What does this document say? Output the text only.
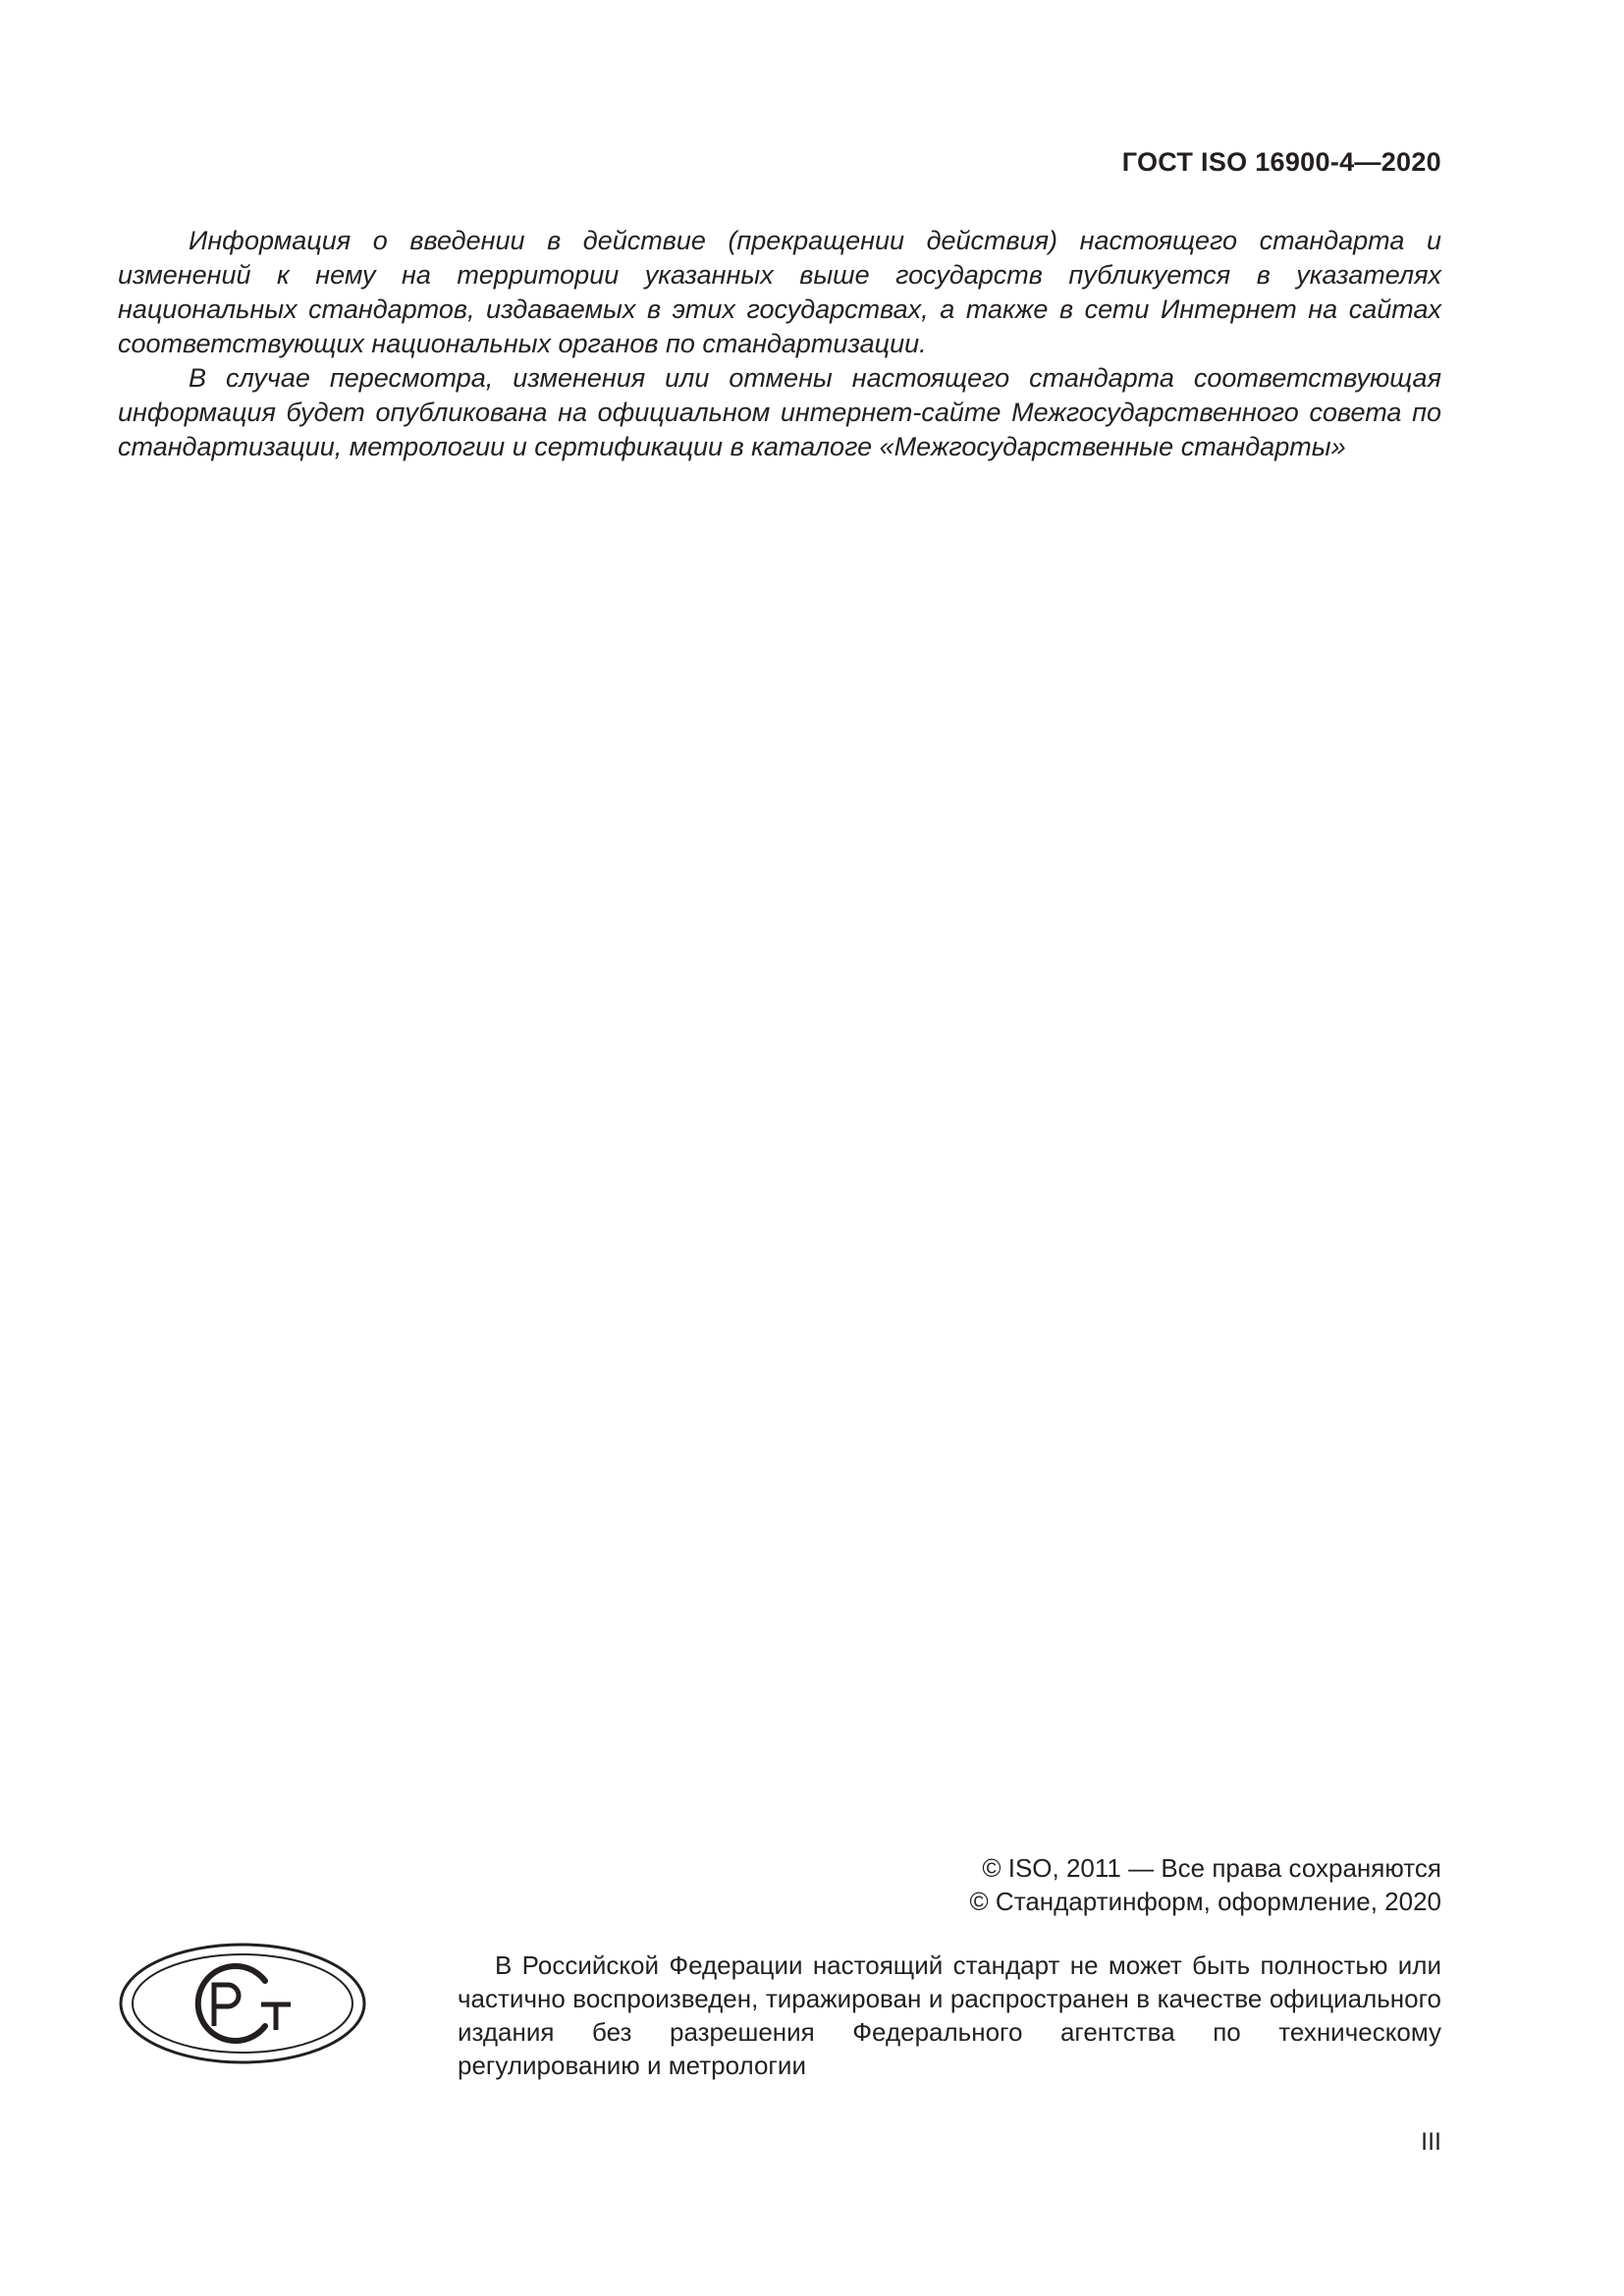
ГОСТ ISO 16900-4—2020

Информация о введении в действие (прекращении действия) настоящего стандарта и изменений к нему на территории указанных выше государств публикуется в указателях национальных стандартов, издаваемых в этих государствах, а также в сети Интернет на сайтах соответствующих национальных органов по стандартизации.

В случае пересмотра, изменения или отмены настоящего стандарта соответствующая информация будет опубликована на официальном интернет-сайте Межгосударственного совета по стандартизации, метрологии и сертификации в каталоге «Межгосударственные стандарты»

© ISO, 2011 — Все права сохраняются
© Стандартинформ, оформление, 2020

В Российской Федерации настоящий стандарт не может быть полностью или частично воспроизведен, тиражирован и распространен в качестве официального издания без разрешения Федерального агентства по техническому регулированию и метрологии

III
